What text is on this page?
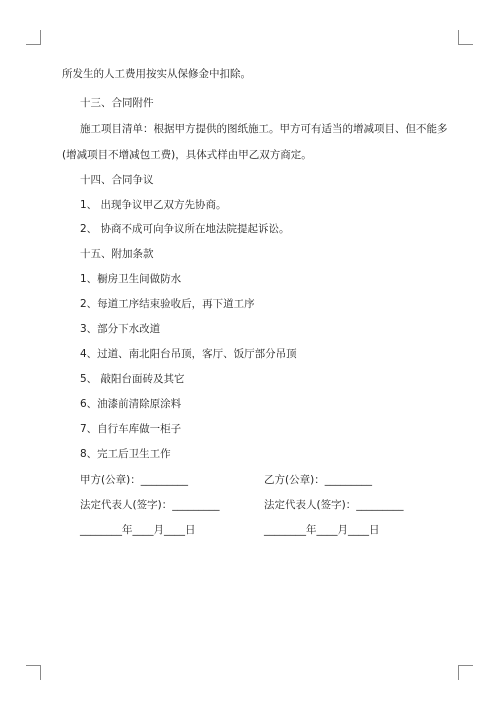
所发生的人工费用按实从保修金中扣除。

十三、合同附件

施工项目清单：根据甲方提供的图纸施工。甲方可有适当的增减项目、但不能多

(增减项目不增减包工费)，具体式样由甲乙双方商定。

十四、合同争议

1、 出现争议甲乙双方先协商。

2、 协商不成可向争议所在地法院提起诉讼。

十五、附加条款

1、橱房卫生间做防水

2、每道工序结束验收后，再下道工序

3、部分下水改道

4、过道、南北阳台吊顶，客厅、饭厅部分吊顶

5、 敲阳台面砖及其它

6、油漆前清除原涂料

7、自行车库做一柜子

8、完工后卫生工作

甲方(公章)：_________	乙方(公章)：_________
法定代表人(签字)：_________	法定代表人(签字)：_________
________年____月____日	________年____月____日
